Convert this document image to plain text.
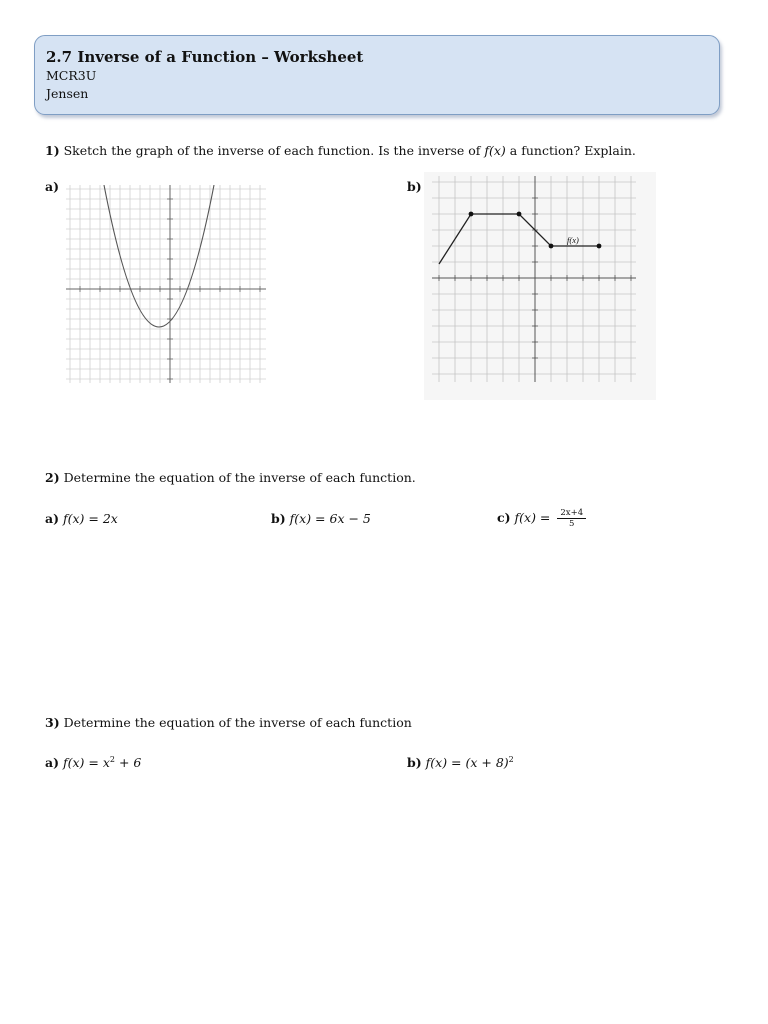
2.7 Inverse of a Function – Worksheet
MCR3U
Jensen
1) Sketch the graph of the inverse of each function. Is the inverse of f(x) a function? Explain.
a)	b)
f(x)
2) Determine the equation of the inverse of each function.
a) f(x) = 2x	b) f(x) = 6x − 5	c) $f(x) = \frac{2x+4}{5}$
3) Determine the equation of the inverse of each function
a) $f(x) = x^2 + 6$	b) $f(x) = (x + 8)^2$
